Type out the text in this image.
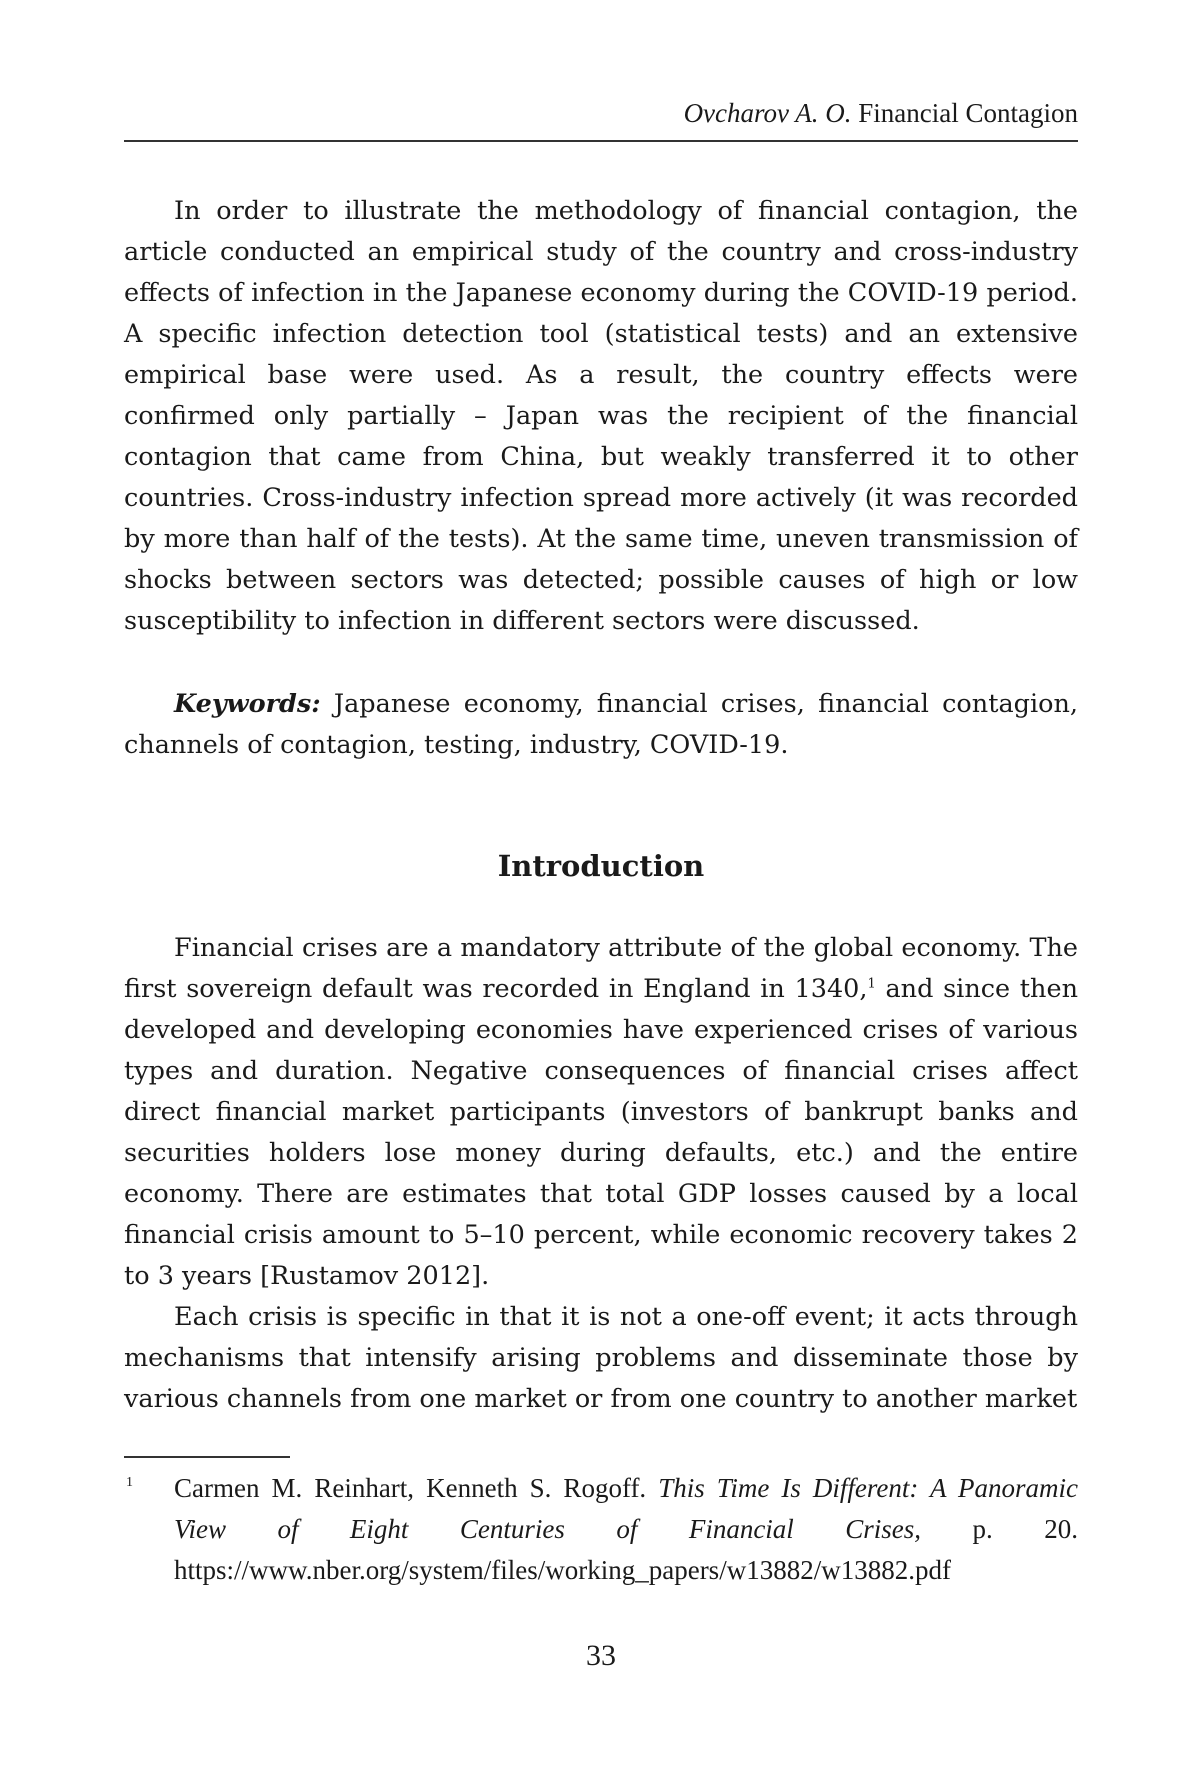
Ovcharov A. O. Financial Contagion

In order to illustrate the methodology of financial contagion, the article conducted an empirical study of the country and cross-industry effects of infection in the Japanese economy during the COVID-19 period. A specific infection detection tool (statistical tests) and an extensive empirical base were used. As a result, the country effects were confirmed only partially – Japan was the recipient of the financial contagion that came from China, but weakly transferred it to other countries. Cross-industry infection spread more actively (it was recorded by more than half of the tests). At the same time, uneven transmission of shocks between sectors was detected; possible causes of high or low susceptibility to infection in different sectors were discussed.

Keywords: Japanese economy, financial crises, financial contagion, channels of contagion, testing, industry, COVID-19.

Introduction

Financial crises are a mandatory attribute of the global economy. The first sovereign default was recorded in England in 1340,$^1$ and since then developed and developing economies have experienced crises of various types and duration. Negative consequences of financial crises affect direct financial market participants (investors of bankrupt banks and securities holders lose money during defaults, etc.) and the entire economy. There are estimates that total GDP losses caused by a local financial crisis amount to 5–10 percent, while economic recovery takes 2 to 3 years [Rustamov 2012].

Each crisis is specific in that it is not a one-off event; it acts through mechanisms that intensify arising problems and disseminate those by various channels from one market or from one country to another market

1 Carmen M. Reinhart, Kenneth S. Rogoff. This Time Is Different: A Panoramic View of Eight Centuries of Financial Crises, p. 20. https://www.nber.org/system/files/working_papers/w13882/w13882.pdf
33
